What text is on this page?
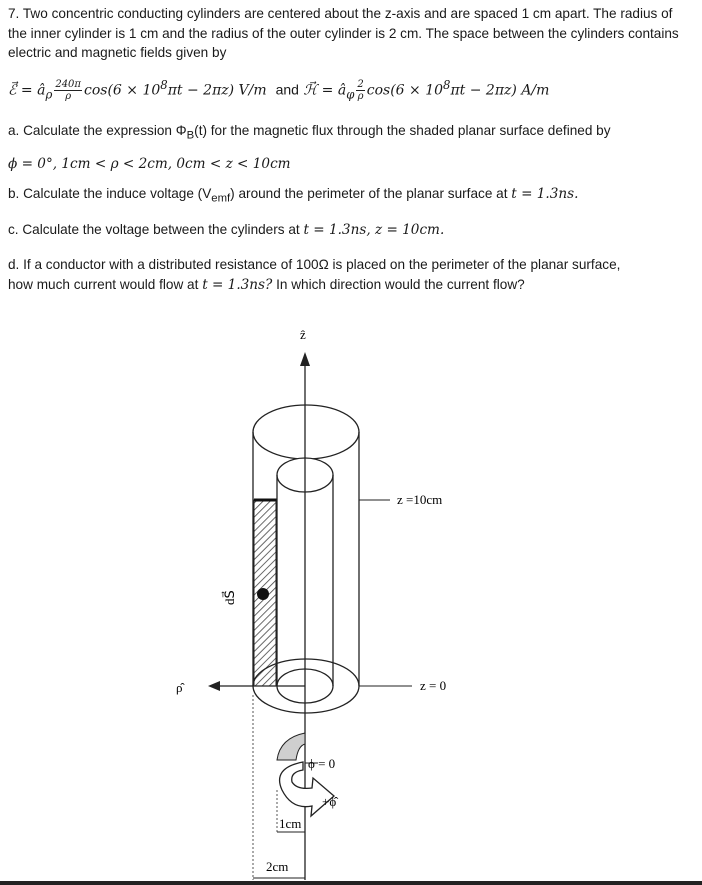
7. Two concentric conducting cylinders are centered about the z-axis and are spaced 1 cm apart. The radius of the inner cylinder is 1 cm and the radius of the outer cylinder is 2 cm. The space between the cylinders contains electric and magnetic fields given by
ℰ⃗ = $â_\rho \frac{240\pi}{\rho} \cos(6 \times 10^8\pi t - 2\pi z)$ V/m and ℋ⃗ = $â_\varphi \frac{2}{\rho} \cos(6 \times 10^8\pi t - 2\pi z)$ A/m
a. Calculate the expression $\Phi_B(t)$ for the magnetic flux through the shaded planar surface defined by
ϕ = 0°, 1cm < ρ < 2cm, 0cm < z < 10cm
b. Calculate the induce voltage $(V_{emf})$ around the perimeter of the planar surface at t = 1.3ns.
c. Calculate the voltage between the cylinders at t = 1.3ns, z = 10cm.
d. If a conductor with a distributed resistance of 100Ω is placed on the perimeter of the planar surface,
how much current would flow at t = 1.3ns? In which direction would the current flow?
ẑ
ρ̂
z =10cm
z = 0
dS⃗
ϕ = 0
+ϕ̂
1cm
2cm
